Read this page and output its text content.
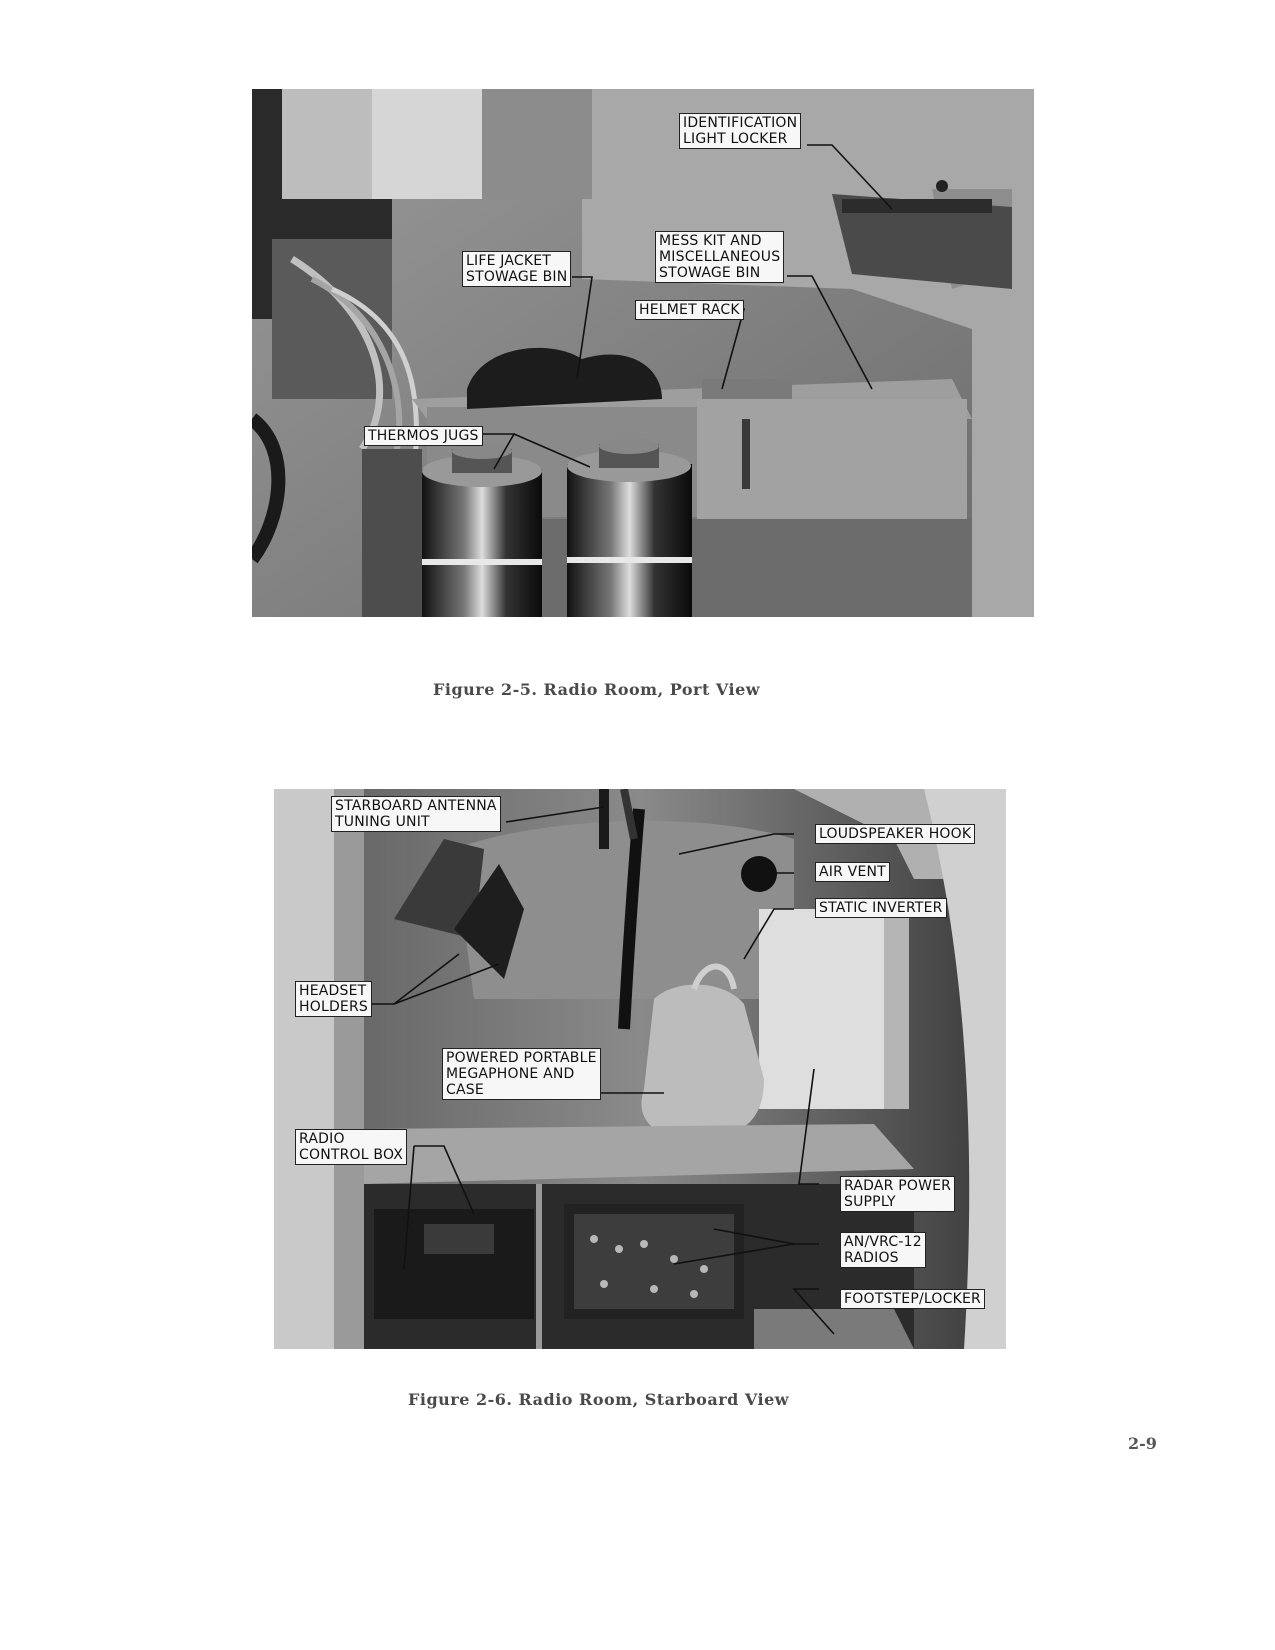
IDENTIFICATION
LIGHT LOCKER
LIFE JACKET
STOWAGE BIN
MESS KIT AND
MISCELLANEOUS
STOWAGE BIN
HELMET RACK
THERMOS JUGS
Figure 2-5. Radio Room, Port View
STARBOARD ANTENNA
TUNING UNIT
LOUDSPEAKER HOOK
AIR VENT
STATIC INVERTER
HEADSET
HOLDERS
POWERED PORTABLE
MEGAPHONE AND
CASE
RADIO
CONTROL BOX
RADAR POWER
SUPPLY
AN/VRC-12
RADIOS
FOOTSTEP/LOCKER
Figure 2-6. Radio Room, Starboard View
2-9
